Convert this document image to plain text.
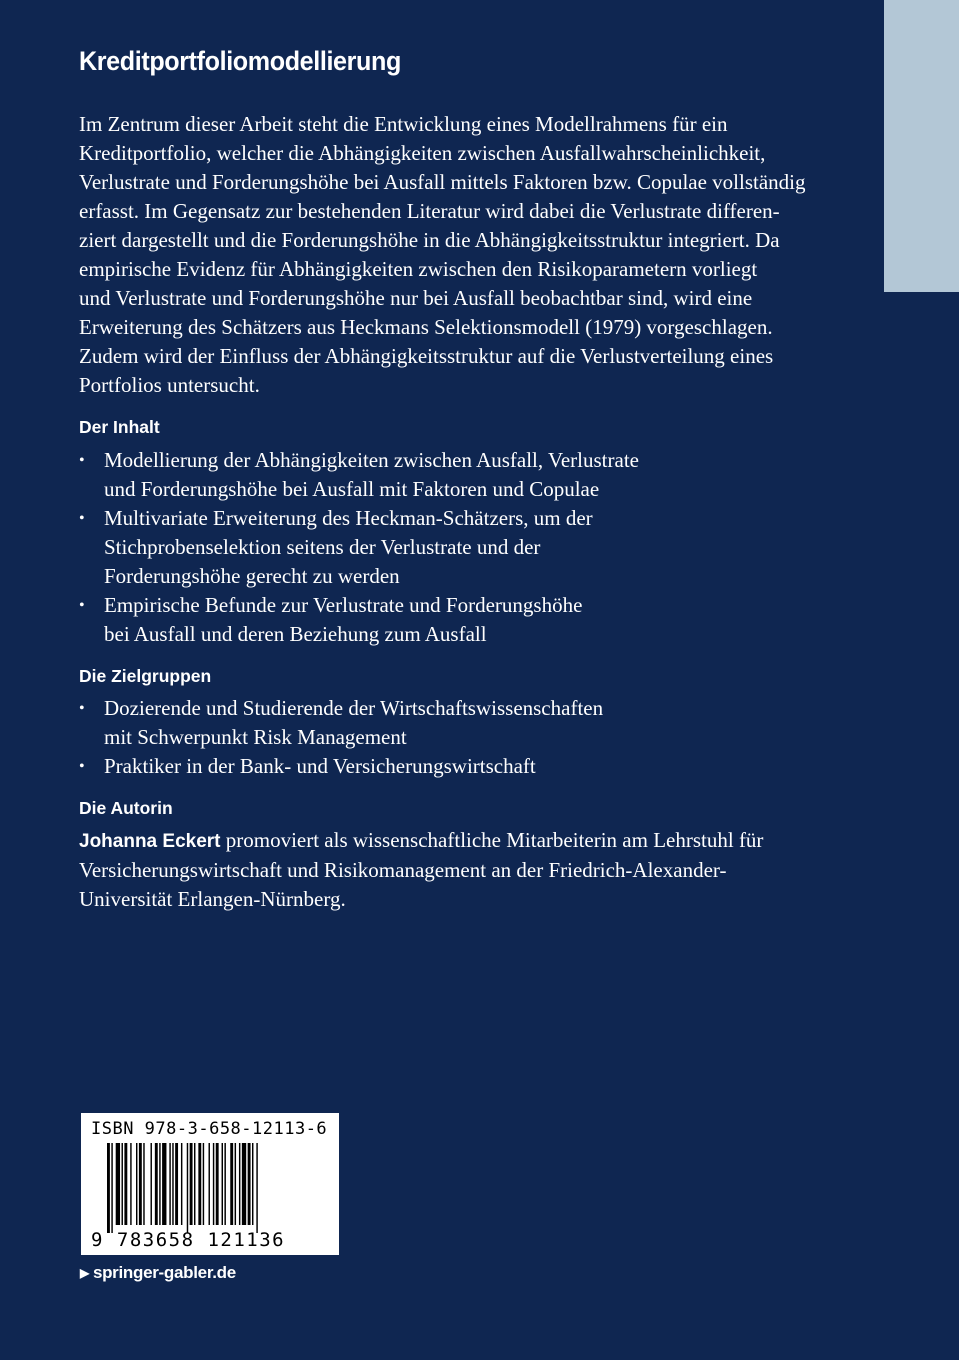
Kreditportfoliomodellierung

Im Zentrum dieser Arbeit steht die Entwicklung eines Modellrahmens für ein
Kreditportfolio, welcher die Abhängigkeiten zwischen Ausfallwahrscheinlichkeit,
Verlustrate und Forderungshöhe bei Ausfall mittels Faktoren bzw. Copulae vollständig
erfasst. Im Gegensatz zur bestehenden Literatur wird dabei die Verlustrate differen-
ziert dargestellt und die Forderungshöhe in die Abhängigkeitsstruktur integriert. Da
empirische Evidenz für Abhängigkeiten zwischen den Risikoparametern vorliegt
und Verlustrate und Forderungshöhe nur bei Ausfall beobachtbar sind, wird eine
Erweiterung des Schätzers aus Heckmans Selektionsmodell (1979) vorgeschlagen.
Zudem wird der Einfluss der Abhängigkeitsstruktur auf die Verlustverteilung eines
Portfolios untersucht.

Der Inhalt
• Modellierung der Abhängigkeiten zwischen Ausfall, Verlustrate
und Forderungshöhe bei Ausfall mit Faktoren und Copulae
• Multivariate Erweiterung des Heckman-Schätzers, um der
Stichprobenselektion seitens der Verlustrate und der
Forderungshöhe gerecht zu werden
• Empirische Befunde zur Verlustrate und Forderungshöhe
bei Ausfall und deren Beziehung zum Ausfall
Die Zielgruppen
• Dozierende und Studierende der Wirtschaftswissenschaften
mit Schwerpunkt Risk Management
• Praktiker in der Bank- und Versicherungswirtschaft
Die Autorin

Johanna Eckert promoviert als wissenschaftliche Mitarbeiterin am Lehrstuhl für
Versicherungswirtschaft und Risikomanagement an der Friedrich-Alexander-
Universität Erlangen-Nürnberg.

ISBN 978-3-658-12113-6
9 783658 121136
▶ springer-gabler.de
